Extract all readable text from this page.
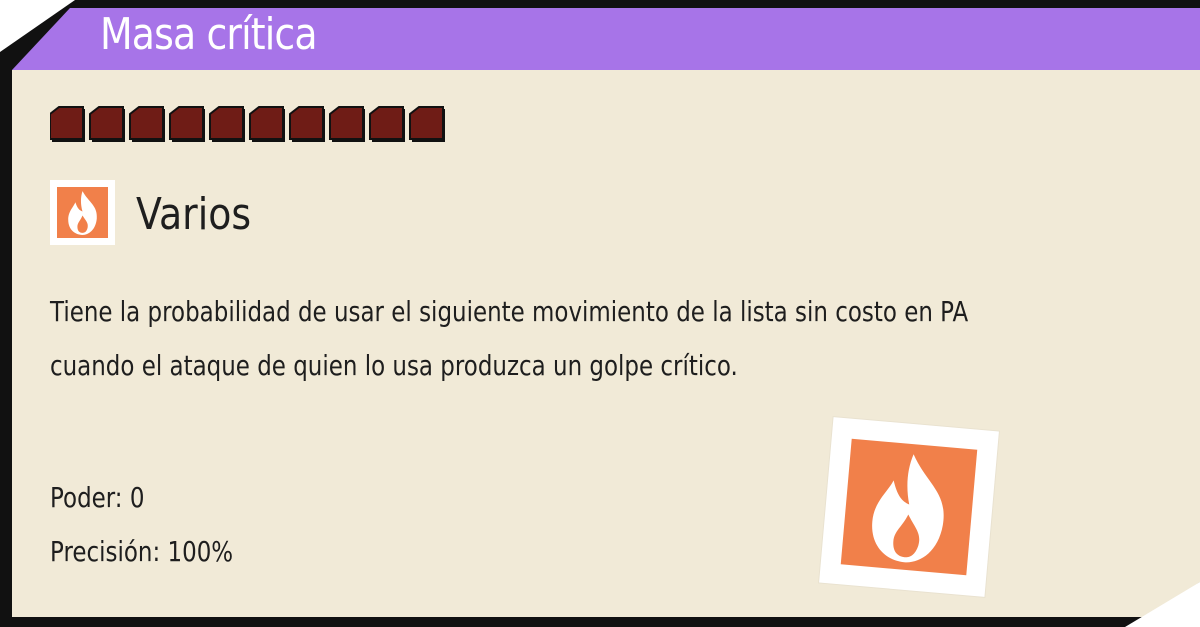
Masa crítica
Varios
Tiene la probabilidad de usar el siguiente movimiento de la lista sin costo en PA
cuando el ataque de quien lo usa produzca un golpe crítico.
Poder: 0
Precisión: 100%
